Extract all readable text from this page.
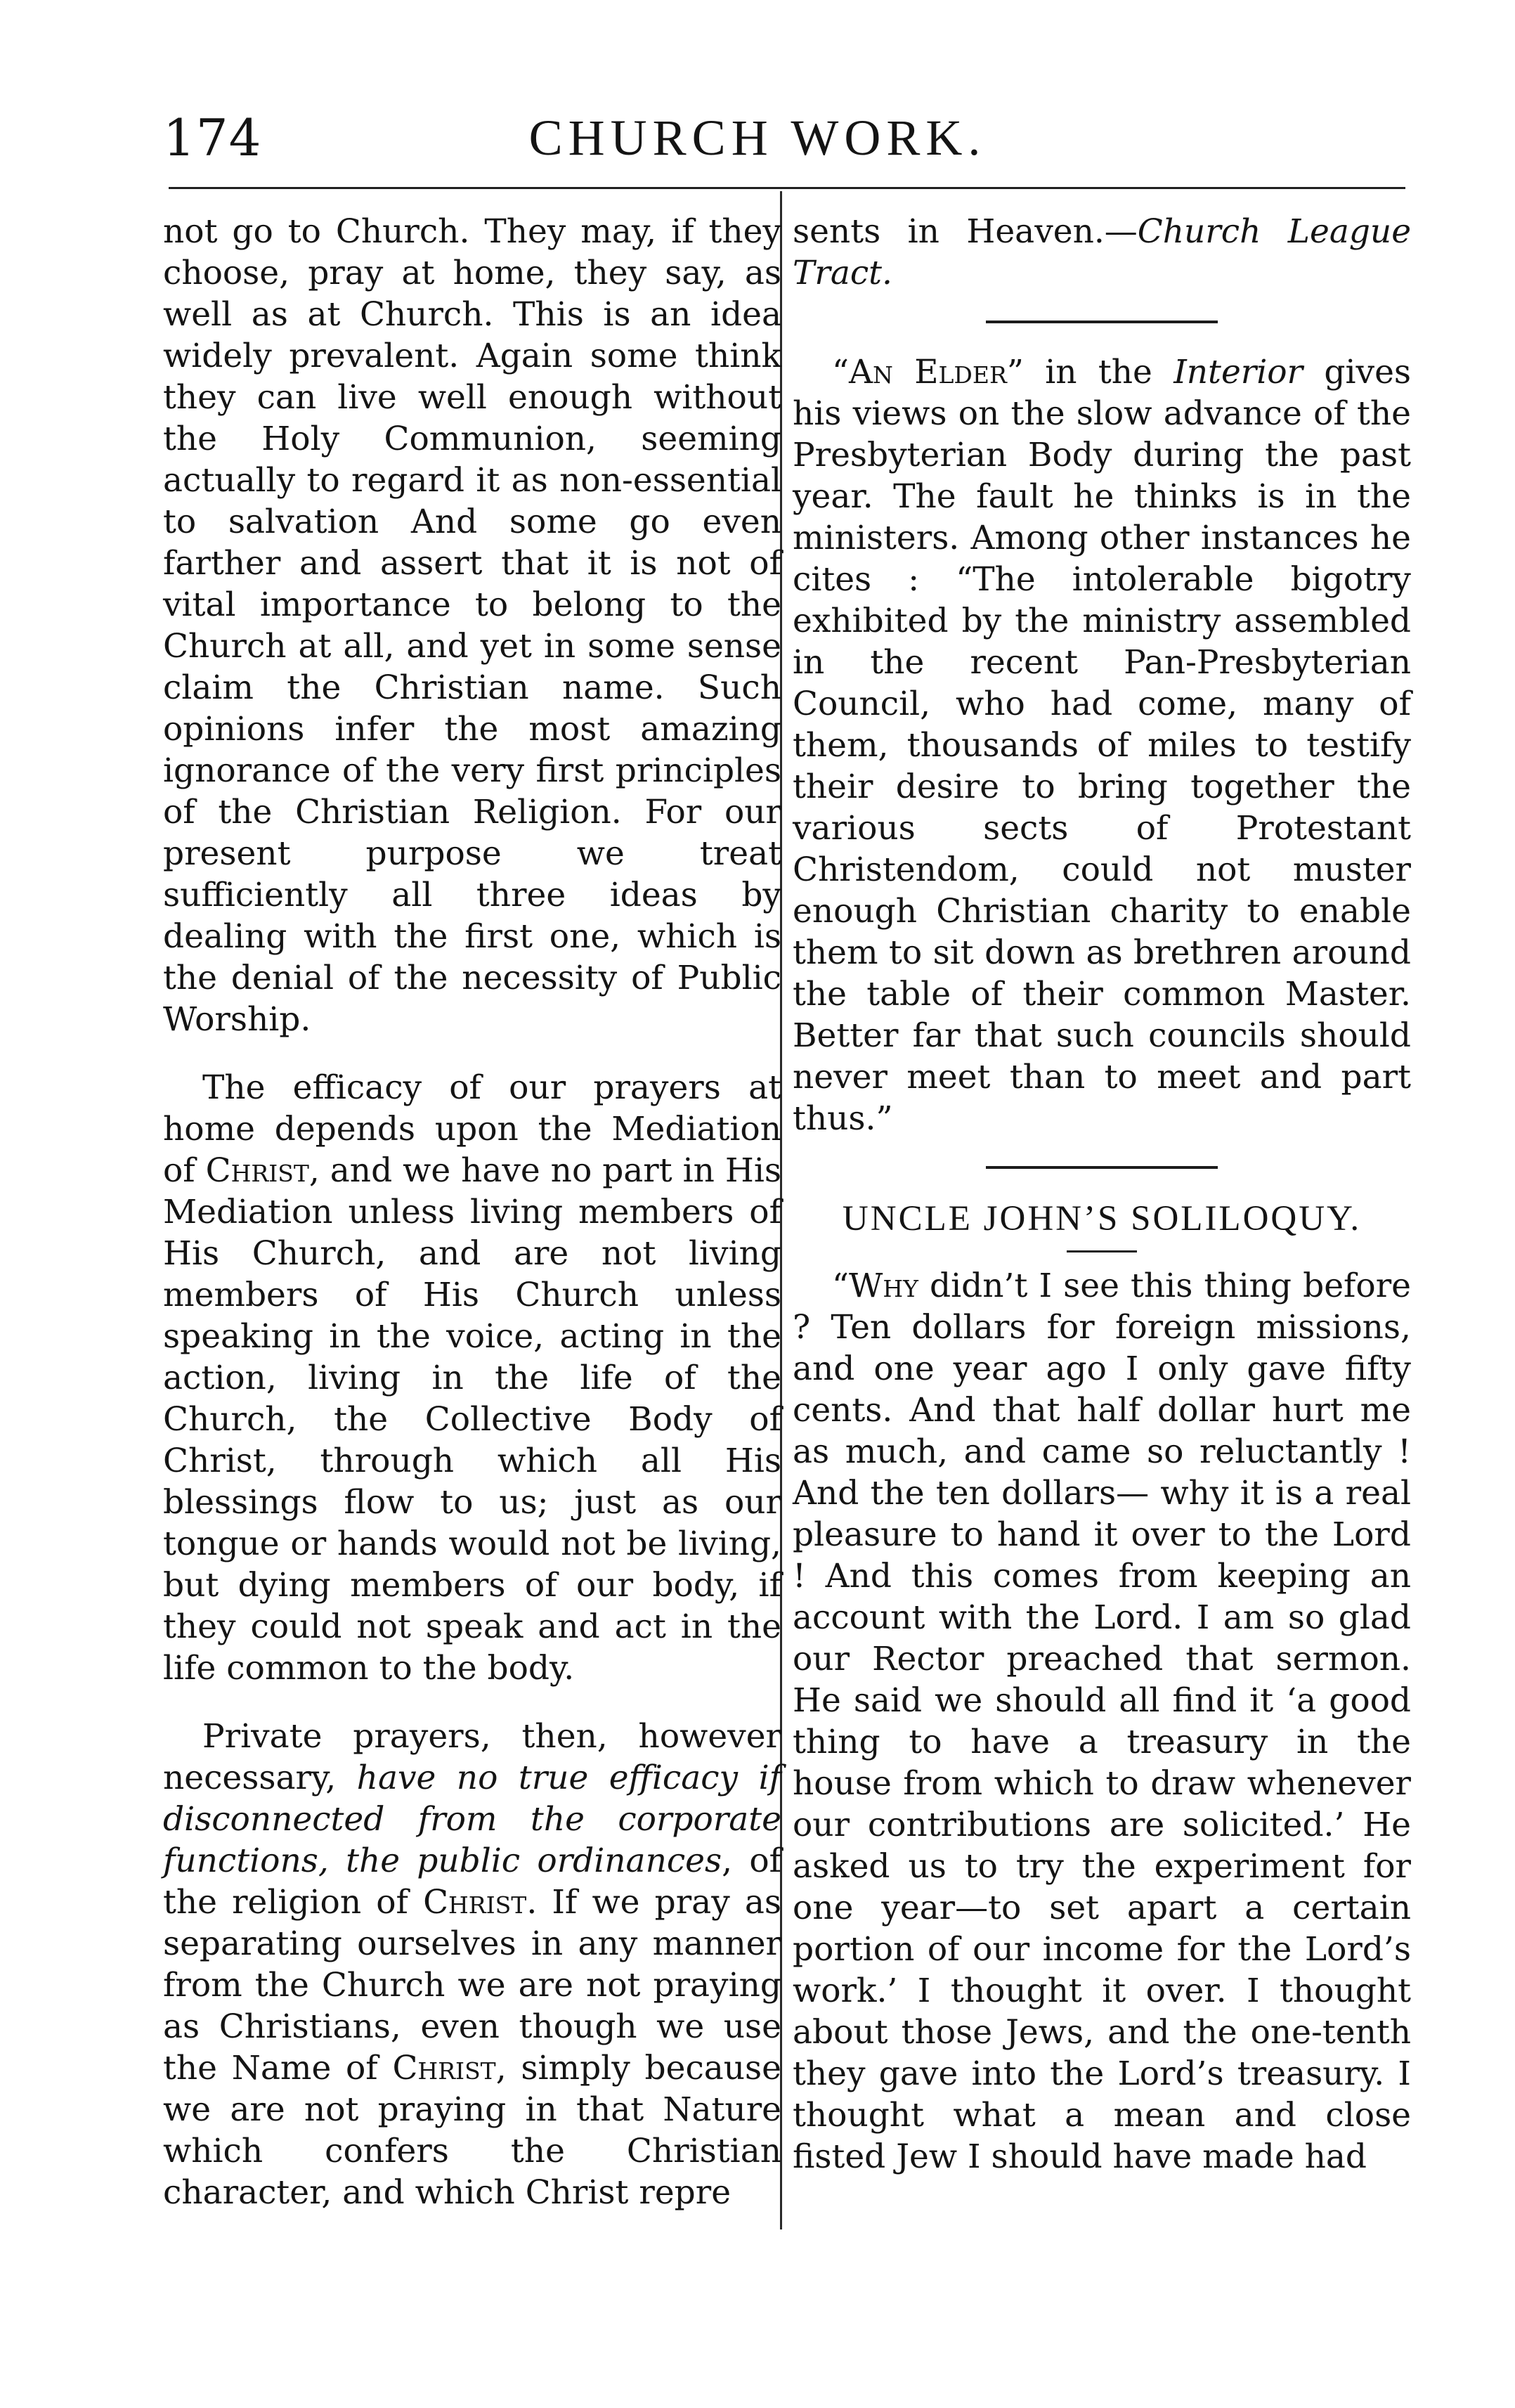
174	CHURCH WORK.

not go to Church. They may, if they choose, pray at home, they say, as well as at Church. This is an idea widely prevalent. Again some think they can live well enough without the Holy Communion, seeming actually to regard it as non-essential to salvation And some go even farther and assert that it is not of vital importance to belong to the Church at all, and yet in some sense claim the Christian name. Such opinions infer the most amazing ignorance of the very first principles of the Christian Religion. For our present purpose we treat sufficiently all three ideas by dealing with the first one, which is the denial of the necessity of Public Worship.

The efficacy of our prayers at home depends upon the Mediation of Christ, and we have no part in His Mediation unless living members of His Church, and are not living members of His Church unless speaking in the voice, acting in the action, living in the life of the Church, the Collective Body of Christ, through which all His blessings flow to us; just as our tongue or hands would not be living, but dying members of our body, if they could not speak and act in the life common to the body.

Private prayers, then, however necessary, have no true efficacy if disconnected from the corporate functions, the public ordinances, of the religion of Christ. If we pray as separating ourselves in any manner from the Church we are not praying as Christians, even though we use the Name of Christ, simply because we are not praying in that Nature which confers the Christian character, and which Christ repre

sents in Heaven.—Church League Tract.

“An Elder” in the Interior gives his views on the slow advance of the Presbyterian Body during the past year. The fault he thinks is in the ministers. Among other instances he cites : “The intolerable bigotry exhibited by the ministry assembled in the recent Pan-Presbyterian Council, who had come, many of them, thousands of miles to testify their desire to bring together the various sects of Protestant Christendom, could not muster enough Christian charity to enable them to sit down as brethren around the table of their common Master. Better far that such councils should never meet than to meet and part thus.”

UNCLE JOHN’S SOLILOQUY.

“Why didn’t I see this thing before ? Ten dollars for foreign missions, and one year ago I only gave fifty cents. And that half dollar hurt me as much, and came so reluctantly ! And the ten dollars— why it is a real pleasure to hand it over to the Lord ! And this comes from keeping an account with the Lord. I am so glad our Rector preached that sermon. He said we should all find it ‘a good thing to have a treasury in the house from which to draw whenever our contributions are solicited.’ He asked us to try the experiment for one year—to set apart a certain portion of our income for the Lord’s work.’ I thought it over. I thought about those Jews, and the one-tenth they gave into the Lord’s treasury. I thought what a mean and close fisted Jew I should have made had
